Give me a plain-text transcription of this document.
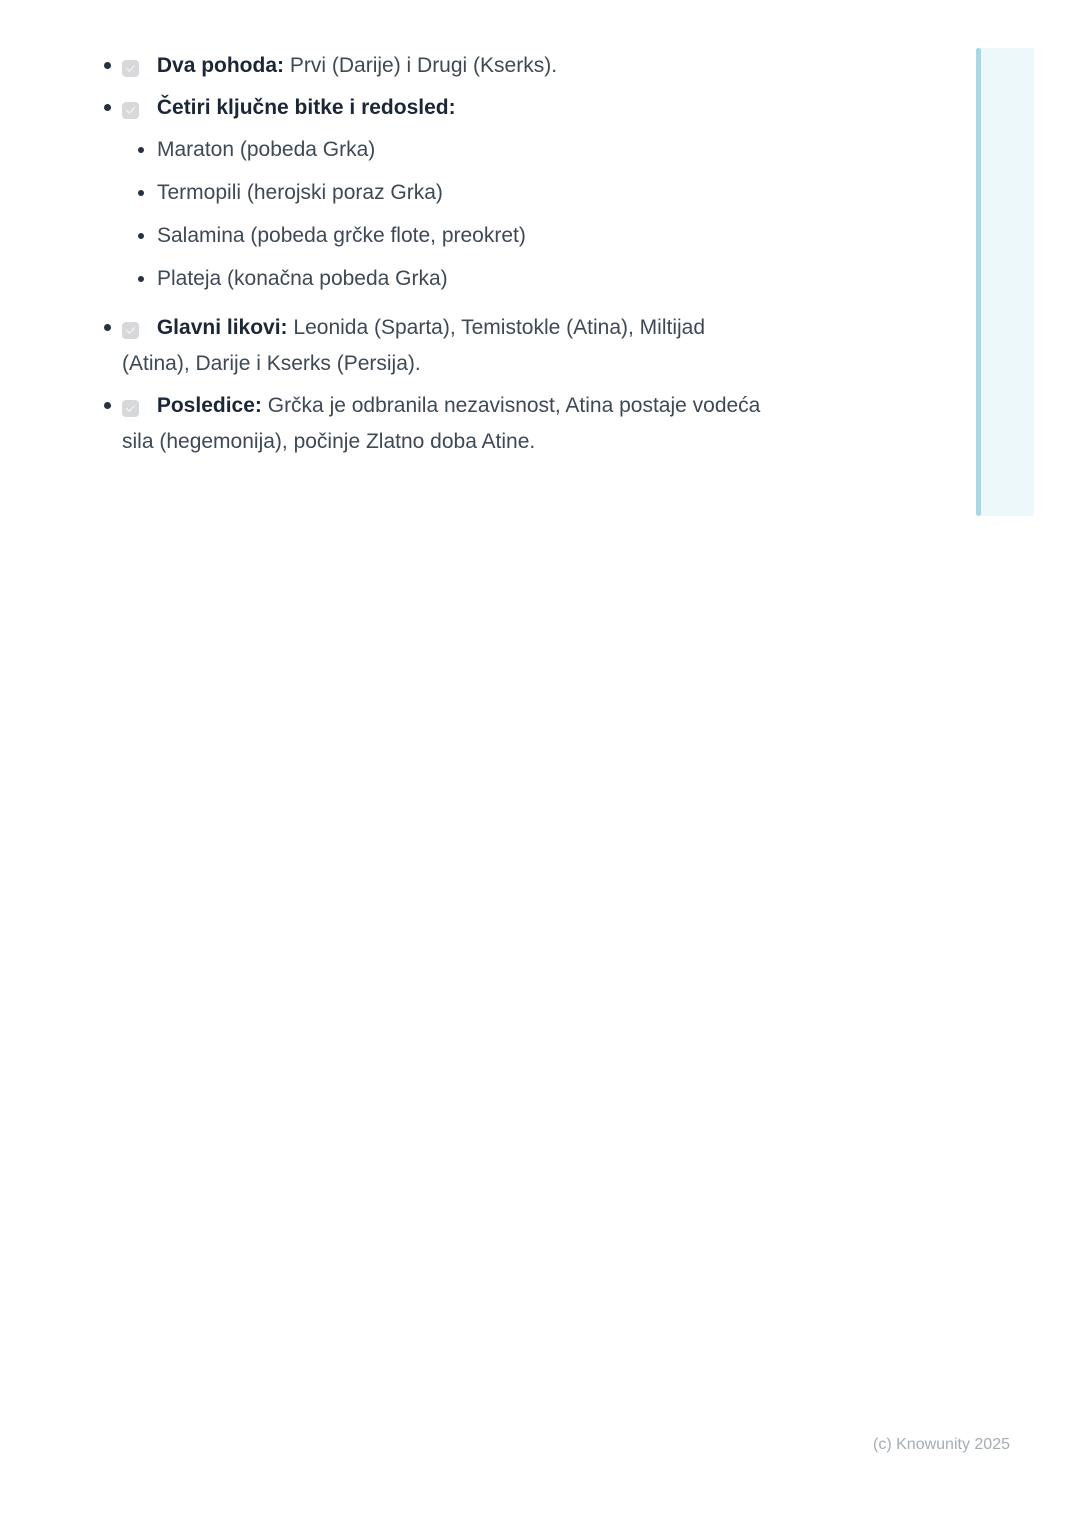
Dva pohoda: Prvi (Darije) i Drugi (Kserks).
Četiri ključne bitke i redosled:
Maraton (pobeda Grka)
Termopili (herojski poraz Grka)
Salamina (pobeda grčke flote, preokret)
Plateja (konačna pobeda Grka)
Glavni likovi: Leonida (Sparta), Temistokle (Atina), Miltijad
(Atina), Darije i Kserks (Persija).
Posledice: Grčka je odbranila nezavisnost, Atina postaje vodeća
sila (hegemonija), počinje Zlatno doba Atine.
(c) Knowunity 2025
